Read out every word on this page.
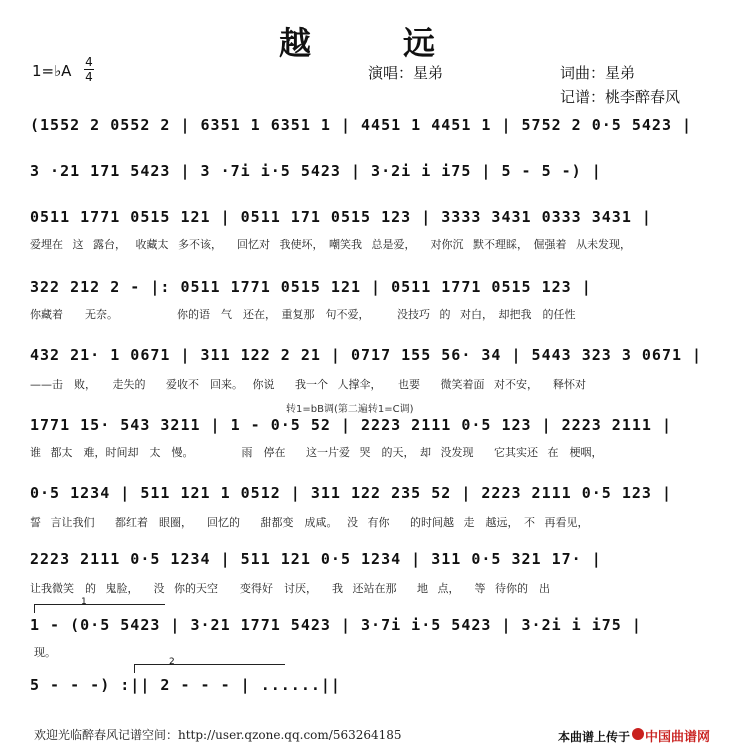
越　远
1=♭A 4
4	演唱：星弟	词曲：星弟
记谱：桃李醉春风
(1552 2 0552 2 | 6351 1 6351 1 | 4451 1 4451 1 | 5752 2 0·5 5423 |
3 ·21 171 5423 | 3 ·7i i·5 5423 | 3·2i i i75 | 5 - 5 -) |
0511 1771 0515 121 | 0511 171 0515 123 | 3333 3431 0333 3431 |
爱埋在 这 露台， 收藏太 多不该，　 回忆对 我使坏，　嘲笑我 总是爱，　 对你沉 默不理睬，　倔强着 从未发现，
322 212 2 - |: 0511 1771 0515 121 | 0511 1771 0515 123 |
你藏着　　无奈。　　　　　 你的语　气　还在，　重复那　句不爱，　　　没技巧 的 对白，　却把我　的任性
432 21· 1 0671 | 311 122 2 21 | 0717 155 56· 34 | 5443 323 3 0671 |
——击　败，　　走失的　 爱收不　回来。 你说　 我一个 人撑伞，　　也要　 微笑着面 对不安，　 释怀对
转1=bB调(第二遍转1=C调)
1771 15· 543 3211 | 1 - 0·5 52 | 2223 2111 0·5 123 | 2223 2111 |
谁 都太　难，时间却　太　慢。　　　　 雨　停在　 这一片爱 哭　的天，　却 没发现　 它其实还 在　梗咽，
0·5 1234 | 511 121 1 0512 | 311 122 235 52 | 2223 2111 0·5 123 |
誓 言让我们　 都红着　眼圈，　 回忆的　 甜都变　成咸。 没 有你　 的时间越 走　越远，　不 再看见，
2223 2111 0·5 1234 | 511 121 0·5 1234 | 311 0·5 321 17· |
让我微笑　的 鬼脸，　 没 你的天空　　变得好　讨厌，　 我 还站在那　 地 点，　 等 待你的　出
1
1 - (0·5 5423 | 3·21 1771 5423 | 3·7i i·5 5423 | 3·2i i i75 |
现。
2
5 - - -) :|| 2 - - - | ......||
欢迎光临醉春风记谱空间：http://user.qzone.qq.com/563264185	本曲谱上传于 中国曲谱网
